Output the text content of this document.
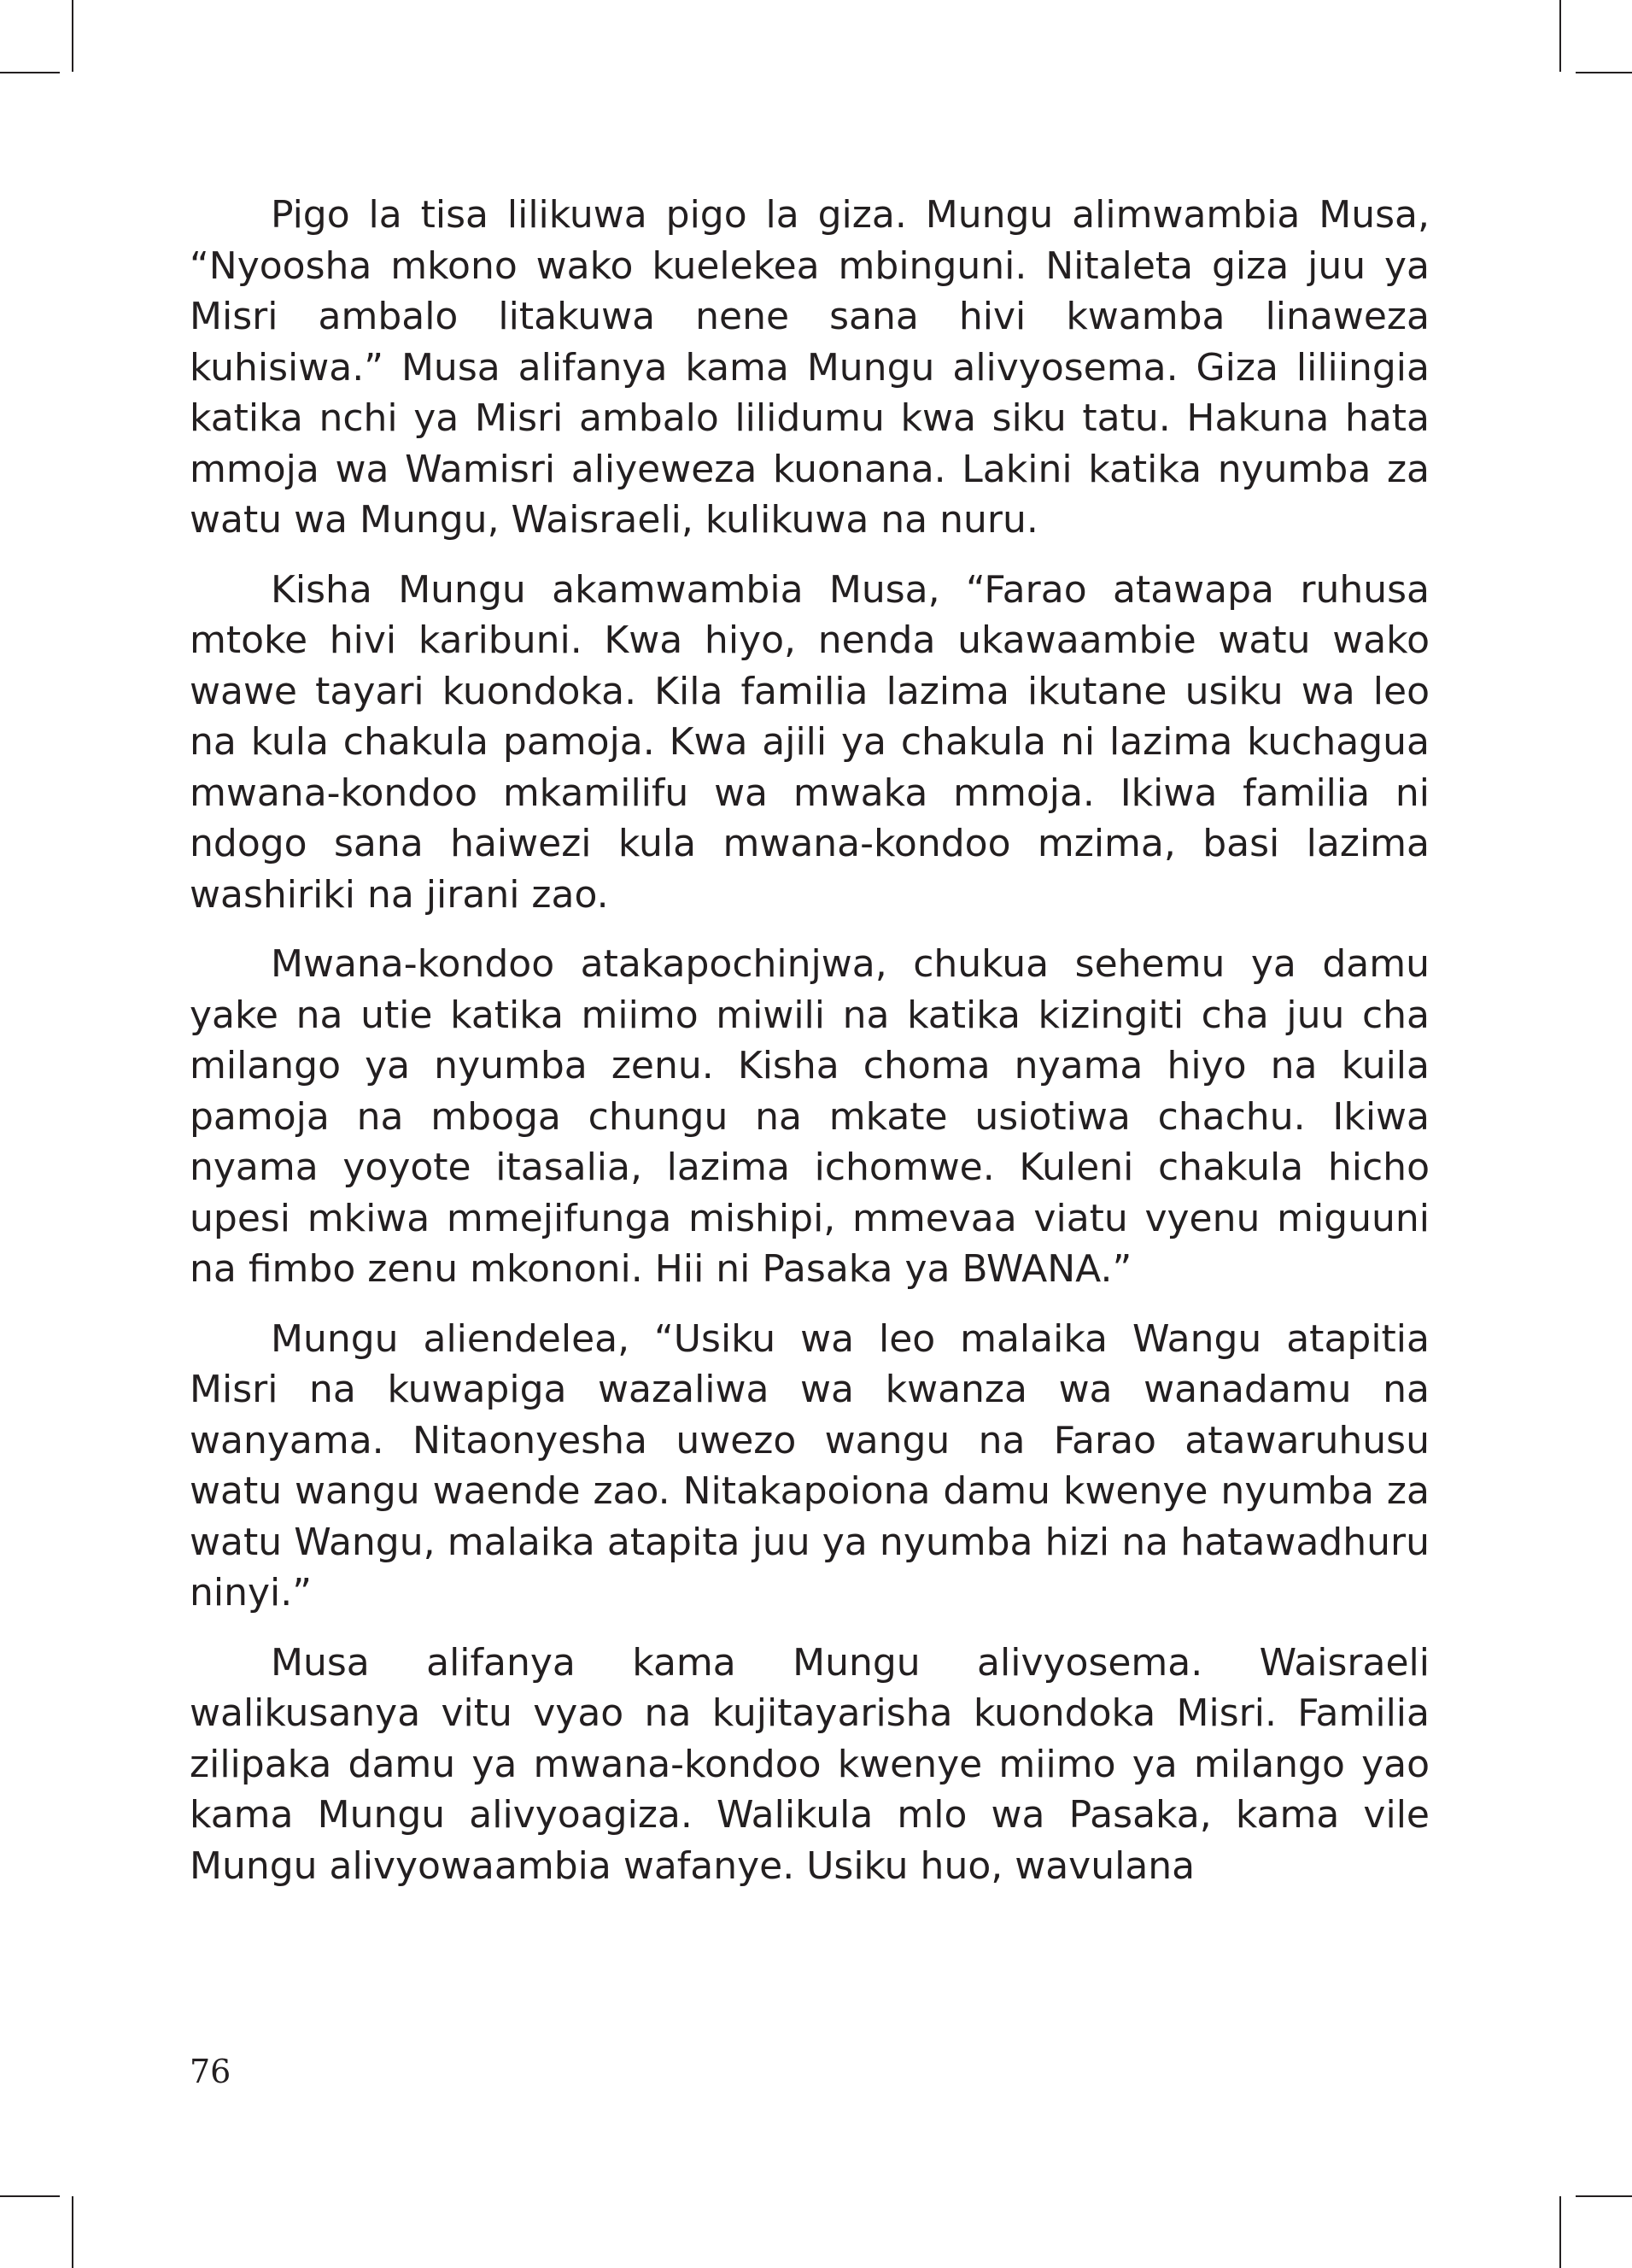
Pigo la tisa lilikuwa pigo la giza. Mungu alimwambia Musa, “Nyoosha mkono wako kuelekea mbinguni. Nitaleta giza juu ya Misri ambalo litakuwa nene sana hivi kwamba linaweza kuhisiwa.” Musa alifanya kama Mungu alivyosema. Giza liliingia katika nchi ya Misri ambalo lilidumu kwa siku tatu. Hakuna hata mmoja wa Wamisri aliyeweza kuonana. Lakini katika nyumba za watu wa Mungu, Waisraeli, kulikuwa na nuru.

Kisha Mungu akamwambia Musa, “Farao atawapa ruhusa mtoke hivi karibuni. Kwa hiyo, nenda ukawaambie watu wako wawe tayari kuondoka. Kila familia lazima ikutane usiku wa leo na kula chakula pamoja. Kwa ajili ya chakula ni lazima kuchagua mwana-kondoo mkamilifu wa mwaka mmoja. Ikiwa familia ni ndogo sana haiwezi kula mwana-kondoo mzima, basi lazima washiriki na jirani zao.

Mwana-kondoo atakapochinjwa, chukua sehemu ya damu yake na utie katika miimo miwili na katika kizingiti cha juu cha milango ya nyumba zenu. Kisha choma nyama hiyo na kuila pamoja na mboga chungu na mkate usiotiwa chachu. Ikiwa nyama yoyote itasalia, lazima ichomwe. Kuleni chakula hicho upesi mkiwa mmejifunga mishipi, mmevaa viatu vyenu miguuni na fimbo zenu mkononi. Hii ni Pasaka ya BWANA.”

Mungu aliendelea, “Usiku wa leo malaika Wangu atapitia Misri na kuwapiga wazaliwa wa kwanza wa wanadamu na wanyama. Nitaonyesha uwezo wangu na Farao atawaruhusu watu wangu waende zao. Nitakapoiona damu kwenye nyumba za watu Wangu, malaika atapita juu ya nyumba hizi na hatawadhuru ninyi.”

Musa alifanya kama Mungu alivyosema. Waisraeli walikusanya vitu vyao na kujitayarisha kuondoka Misri. Familia zilipaka damu ya mwana-kondoo kwenye miimo ya milango yao kama Mungu alivyoagiza. Walikula mlo wa Pasaka, kama vile Mungu alivyowaambia wafanye. Usiku huo, wavulana

76
